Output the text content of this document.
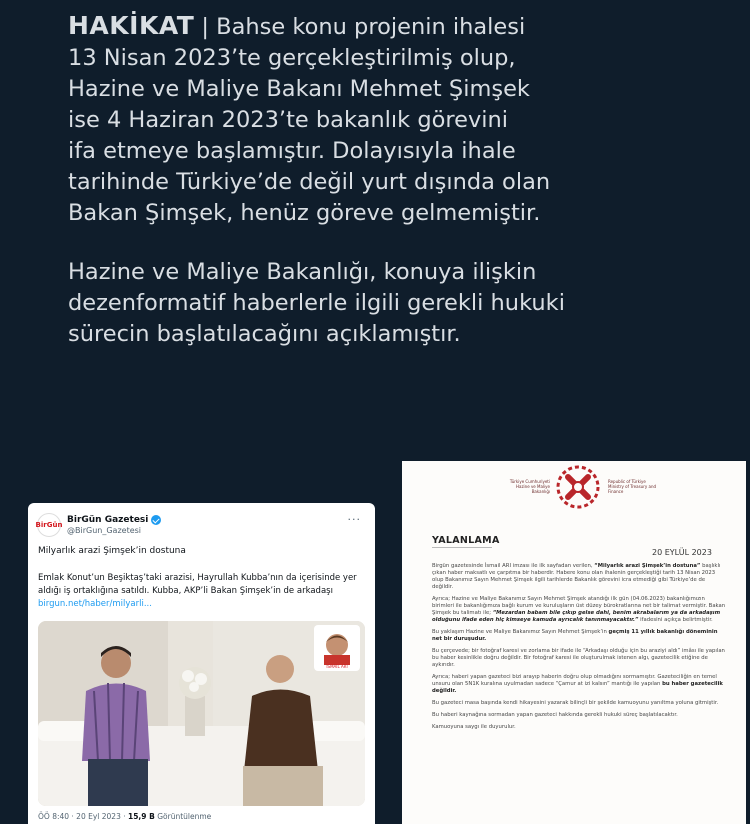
HAKİKAT | Bahse konu projenin ihalesi
13 Nisan 2023’te gerçekleştirilmiş olup,
Hazine ve Maliye Bakanı Mehmet Şimşek
ise 4 Haziran 2023’te bakanlık görevini
ifa etmeye başlamıştır. Dolayısıyla ihale
tarihinde Türkiye’de değil yurt dışında olan
Bakan Şimşek, henüz göreve gelmemiştir.
Hazine ve Maliye Bakanlığı, konuya ilişkin
dezenformatif haberlerle ilgili gerekli hukuki
sürecin başlatılacağını açıklamıştır.
BirGün BirGün Gazetesi
@BirGun_Gazetesi
···
Milyarlık arazi Şimşek’in dostuna
Emlak Konut’un Beşiktaş’taki arazisi, Hayrullah Kubba’nın da içerisinde yer aldığı iş ortaklığına satıldı. Kubba, AKP’li Bakan Şimşek’in de arkadaşı
birgun.net/haber/milyarli...
İSMAİL ARI
ÖÖ 8:40 · 20 Eyl 2023 · 15,9 B Görüntülenme
Türkiye Cumhuriyeti
Hazine ve Maliye Bakanlığı
Republic of Türkiye
Ministry of Treasury and Finance
YALANLAMA
20 EYLÜL 2023

Birgün gazetesinde İsmail ARI imzası ile ilk sayfadan verilen, “Milyarlık arazi Şimşek’in dostuna” başlıklı çıkan haber maksatlı ve çarpıtma bir haberdir. Habere konu olan ihalenin gerçekleştiği tarih 13 Nisan 2023 olup Bakanımız Sayın Mehmet Şimşek ilgili tarihlerde Bakanlık görevini icra etmediği gibi Türkiye’de de değildir.

Ayrıca; Hazine ve Maliye Bakanımız Sayın Mehmet Şimşek atandığı ilk gün (04.06.2023) bakanlığımızın birimleri ile bakanlığımıza bağlı kurum ve kuruluşların üst düzey bürokratlarına net bir talimat vermiştir. Bakan Şimşek bu talimatı ile; “Mezardan babam bile çıkıp gelse dahi, benim akrabalarım ya da arkadaşım olduğunu ifade eden hiç kimseye kamuda ayrıcalık tanınmayacaktır.” ifadesini açıkça belirtmiştir.

Bu yaklaşım Hazine ve Maliye Bakanımız Sayın Mehmet Şimşek’in geçmiş 11 yıllık bakanlığı döneminin net bir duruşudur.

Bu çerçevede; bir fotoğraf karesi ve zorlama bir ifade ile “Arkadaşı olduğu için bu araziyi aldı” imâsı ile yapılan bu haber kesinlikle doğru değildir. Bir fotoğraf karesi ile oluşturulmak istenen algı, gazetecilik etiğine de aykırıdır.

Ayrıca; haberi yapan gazeteci bizi arayıp haberin doğru olup olmadığını sormamıştır. Gazeteciliğin en temel unsuru olan 5N1K kuralına uyulmadan sadece “Çamur at izi kalsın” mantığı ile yapılan bu haber gazetecilik değildir.

Bu gazeteci masa başında kendi hikayesini yazarak bilinçli bir şekilde kamuoyunu yanıltma yoluna gitmiştir.

Bu haberi kaynağına sormadan yapan gazeteci hakkında gerekli hukuki süreç başlatılacaktır.

Kamuoyuna saygı ile duyurulur.
